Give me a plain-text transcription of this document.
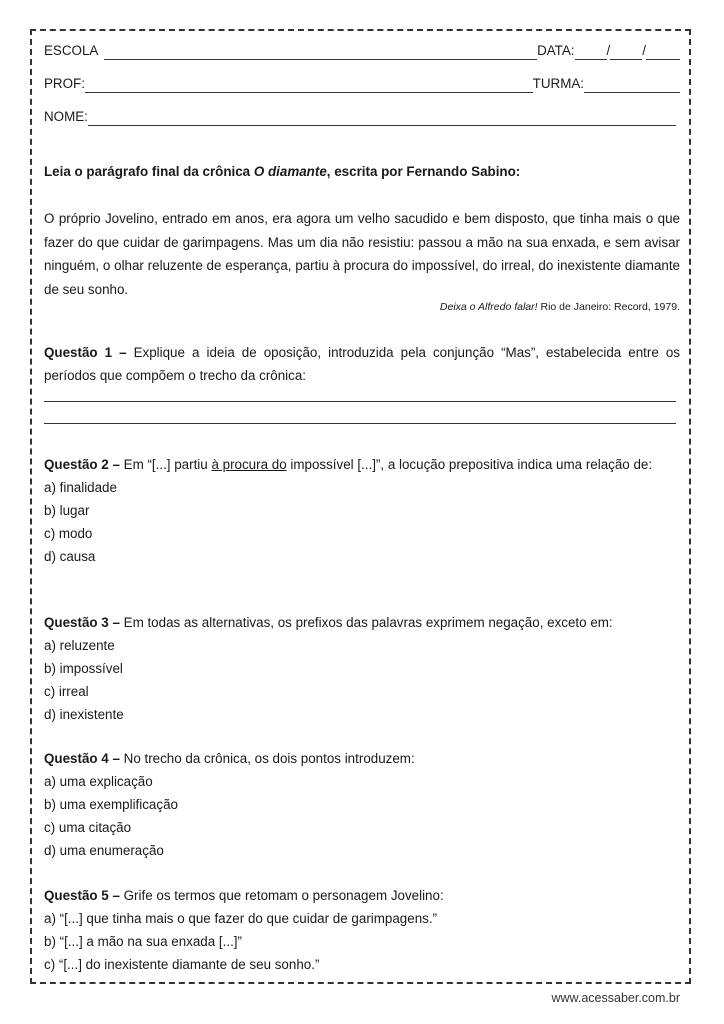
ESCOLA	DATA: / /
PROF:	TURMA:
NOME:
Leia o parágrafo final da crônica O diamante, escrita por Fernando Sabino:
O próprio Jovelino, entrado em anos, era agora um velho sacudido e bem disposto, que tinha mais o que fazer do que cuidar de garimpagens. Mas um dia não resistiu: passou a mão na sua enxada, e sem avisar ninguém, o olhar reluzente de esperança, partiu à procura do impossível, do irreal, do inexistente diamante de seu sonho.
Deixa o Alfredo falar! Rio de Janeiro: Record, 1979.
Questão 1 – Explique a ideia de oposição, introduzida pela conjunção “Mas”, estabelecida entre os períodos que compõem o trecho da crônica:
Questão 2 – Em “[...] partiu à procura do impossível [...]”, a locução prepositiva indica uma relação de:
a) finalidade
b) lugar
c) modo
d) causa
Questão 3 – Em todas as alternativas, os prefixos das palavras exprimem negação, exceto em:
a) reluzente
b) impossível
c) irreal
d) inexistente
Questão 4 – No trecho da crônica, os dois pontos introduzem:
a) uma explicação
b) uma exemplificação
c) uma citação
d) uma enumeração
Questão 5 – Grife os termos que retomam o personagem Jovelino:
a) “[...] que tinha mais o que fazer do que cuidar de garimpagens.”
b) “[...] a mão na sua enxada [...]”
c) “[...] do inexistente diamante de seu sonho.”
www.acessaber.com.br
